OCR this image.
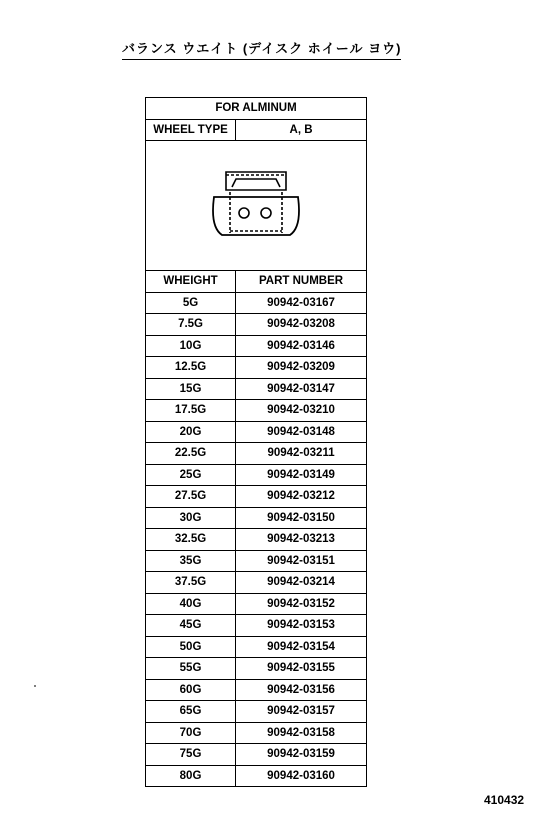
バランス ウエイト (デイスク ホイール ヨウ)
FOR ALMINUM	
WHEEL TYPE	A, B

WHEIGHT	PART NUMBER
5G	90942-03167
7.5G	90942-03208
10G	90942-03146
12.5G	90942-03209
15G	90942-03147
17.5G	90942-03210
20G	90942-03148
22.5G	90942-03211
25G	90942-03149
27.5G	90942-03212
30G	90942-03150
32.5G	90942-03213
35G	90942-03151
37.5G	90942-03214
40G	90942-03152
45G	90942-03153
50G	90942-03154
55G	90942-03155
60G	90942-03156
65G	90942-03157
70G	90942-03158
75G	90942-03159
80G	90942-03160
410432
